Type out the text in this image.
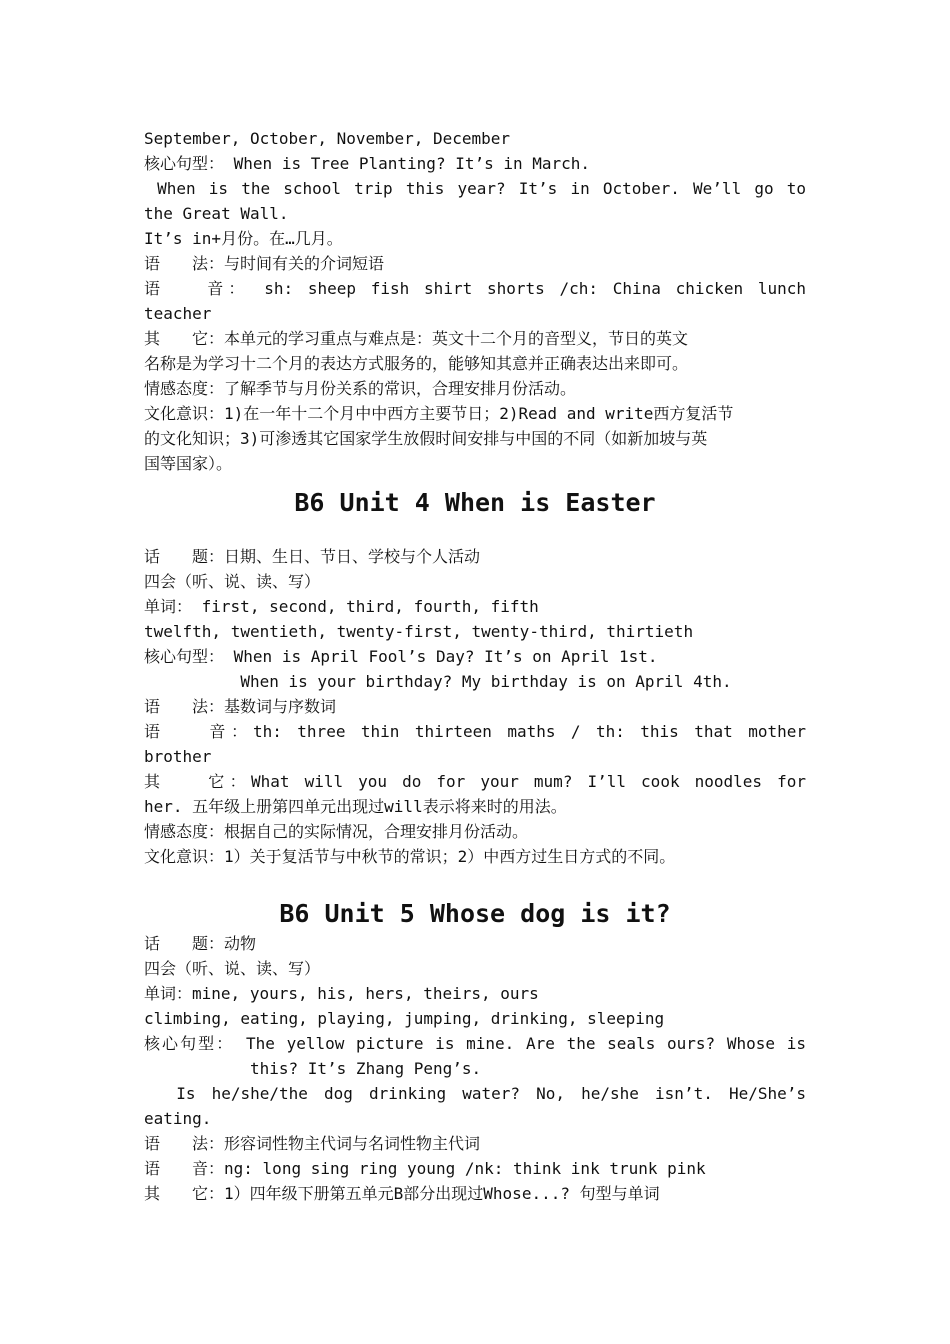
September, October, November, December

核心句型： When is Tree Planting? It’s in March.

When is the school trip this year? It’s in October. We’ll go to

the Great Wall.

It’s in+月份。在…几月。

语　　法：与时间有关的介词短语

语　　音： sh: sheep fish shirt shorts /ch: China chicken lunch

teacher

其　　它：本单元的学习重点与难点是：英文十二个月的音型义，节日的英文

名称是为学习十二个月的表达方式服务的，能够知其意并正确表达出来即可。

情感态度：了解季节与月份关系的常识，合理安排月份活动。

文化意识：1)在一年十二个月中中西方主要节日；2)Read and write西方复活节

的文化知识；3)可渗透其它国家学生放假时间安排与中国的不同（如新加坡与英

国等国家）。

B6 Unit 4 When is Easter

话　　题：日期、生日、节日、学校与个人活动

四会（听、说、读、写）

单词： first, second, third, fourth, fifth

twelfth, twentieth, twenty-first, twenty-third, thirtieth

核心句型： When is April Fool’s Day? It’s on April 1st.

When is your birthday? My birthday is on April 4th.

语　　法：基数词与序数词

语　　音：th: three thin thirteen maths / th: this that mother

brother

其　　它：What will you do for your mum? I’ll cook noodles for

her. 五年级上册第四单元出现过will表示将来时的用法。

情感态度：根据自己的实际情况，合理安排月份活动。

文化意识：1）关于复活节与中秋节的常识；2）中西方过生日方式的不同。

B6 Unit 5 Whose dog is it?

话　　题：动物

四会（听、说、读、写）

单词：mine, yours, his, hers, theirs, ours

climbing, eating, playing, jumping, drinking, sleeping

核心句型： The yellow picture is mine. Are the seals ours? Whose is

this? It’s Zhang Peng’s.

Is he/she/the dog drinking water? No, he/she isn’t. He/She’s

eating.

语　　法：形容词性物主代词与名词性物主代词

语　　音：ng: long sing ring young /nk: think ink trunk pink

其　　它：1）四年级下册第五单元B部分出现过Whose...? 句型与单词
